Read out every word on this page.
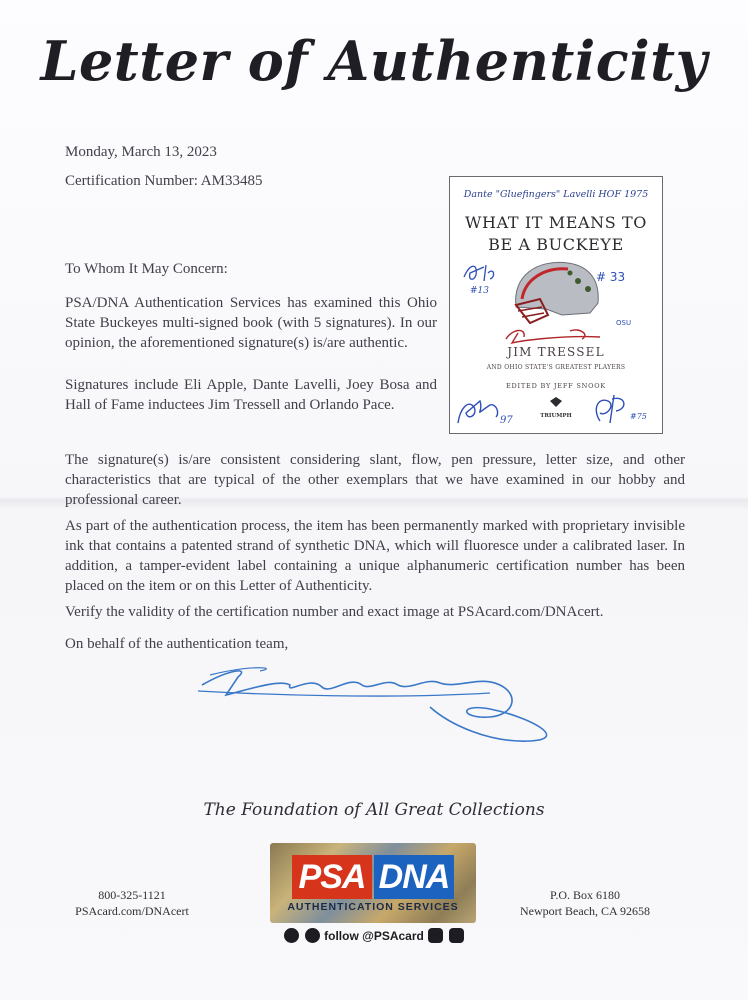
Letter of Authenticity
Monday, March 13, 2023
Certification Number: AM33485
To Whom It May Concern:
PSA/DNA Authentication Services has examined this Ohio State Buckeyes multi-signed book (with 5 signatures). In our opinion, the aforementioned signature(s) is/are authentic.
Signatures include Eli Apple, Dante Lavelli, Joey Bosa and Hall of Fame inductees Jim Tressell and Orlando Pace.
The signature(s) is/are consistent considering slant, flow, pen pressure, letter size, and other characteristics that are typical of the other exemplars that we have examined in our hobby and professional career.
As part of the authentication process, the item has been permanently marked with proprietary invisible ink that contains a patented strand of synthetic DNA, which will fluoresce under a calibrated laser. In addition, a tamper-evident label containing a unique alphanumeric certification number has been placed on the item or on this Letter of Authenticity.
Verify the validity of the certification number and exact image at PSAcard.com/DNAcert.
On behalf of the authentication team,
Dante "Gluefingers" Lavelli HOF 1975
#13
# 33
OSU
97	#75
WHAT IT MEANS TO
BE A BUCKEYE
JIM TRESSEL
AND OHIO STATE'S GREATEST PLAYERS
EDITED BY JEFF SNOOK
TRIUMPH
The Foundation of All Great Collections
800-325-1121
PSAcard.com/DNAcert
PSA DNA
AUTHENTICATION SERVICES
P.O. Box 6180
Newport Beach, CA 92658
follow @PSAcard
